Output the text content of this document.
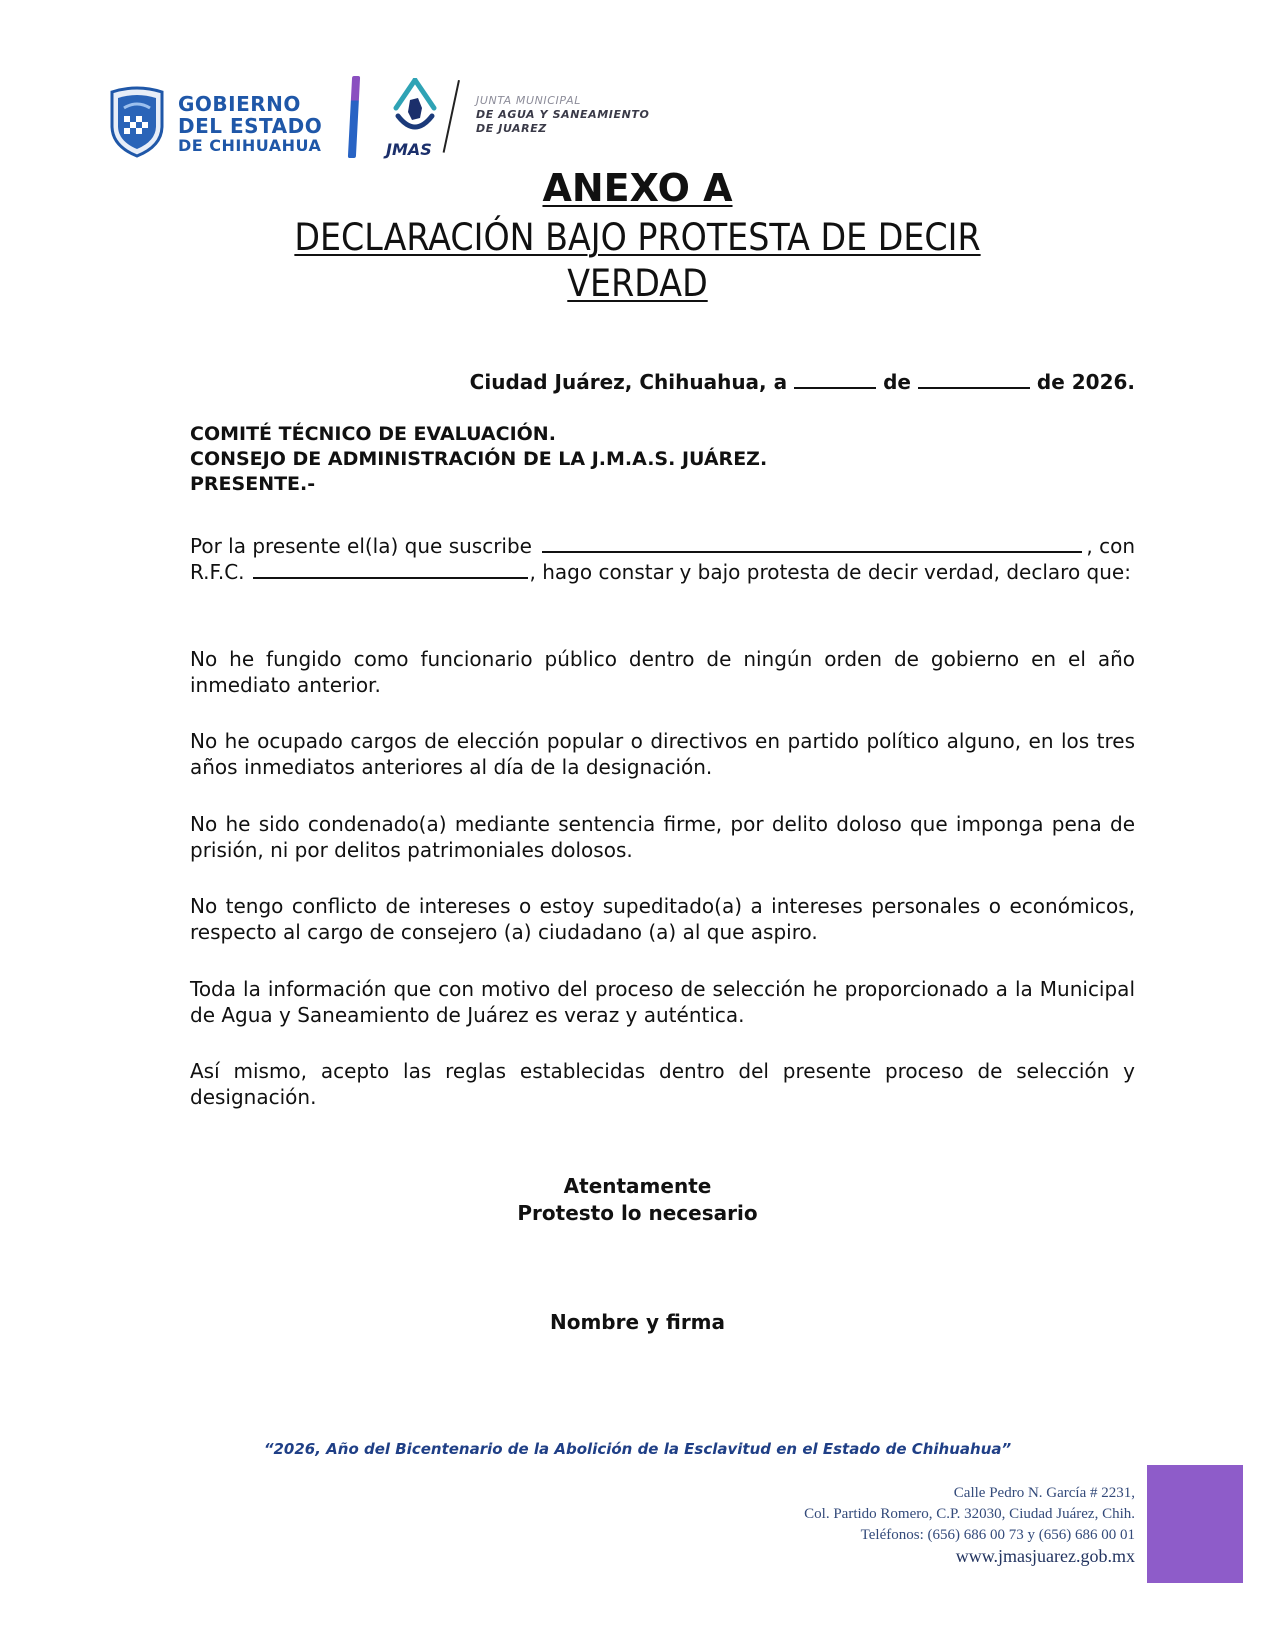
GOBIERNO
DEL ESTADO
DE CHIHUAHUA	JMAS
JUNTA MUNICIPAL
DE AGUA Y SANEAMIENTO
DE JUAREZ
ANEXO A
DECLARACIÓN BAJO PROTESTA DE DECIR
VERDAD
Ciudad Juárez, Chihuahua, a	de	de 2026.
COMITÉ TÉCNICO DE EVALUACIÓN.
CONSEJO DE ADMINISTRACIÓN DE LA J.M.A.S. JUÁREZ.
PRESENTE.-
Por la presente el(la) que suscribe	, con
R.F.C.	, hago constar y bajo protesta de decir verdad, declaro que:

No he fungido como funcionario público dentro de ningún orden de gobierno en el año inmediato anterior.

No he ocupado cargos de elección popular o directivos en partido político alguno, en los tres años inmediatos anteriores al día de la designación.

No he sido condenado(a) mediante sentencia firme, por delito doloso que imponga pena de prisión, ni por delitos patrimoniales dolosos.

No tengo conflicto de intereses o estoy supeditado(a) a intereses personales o económicos, respecto al cargo de consejero (a) ciudadano (a) al que aspiro.

Toda la información que con motivo del proceso de selección he proporcionado a la Municipal de Agua y Saneamiento de Juárez es veraz y auténtica.

Así mismo, acepto las reglas establecidas dentro del presente proceso de selección y designación.

Atentamente
Protesto lo necesario
Nombre y firma
“2026, Año del Bicentenario de la Abolición de la Esclavitud en el Estado de Chihuahua”
Calle Pedro N. García # 2231,
Col. Partido Romero, C.P. 32030, Ciudad Juárez, Chih.
Teléfonos: (656) 686 00 73 y (656) 686 00 01
www.jmasjuarez.gob.mx
